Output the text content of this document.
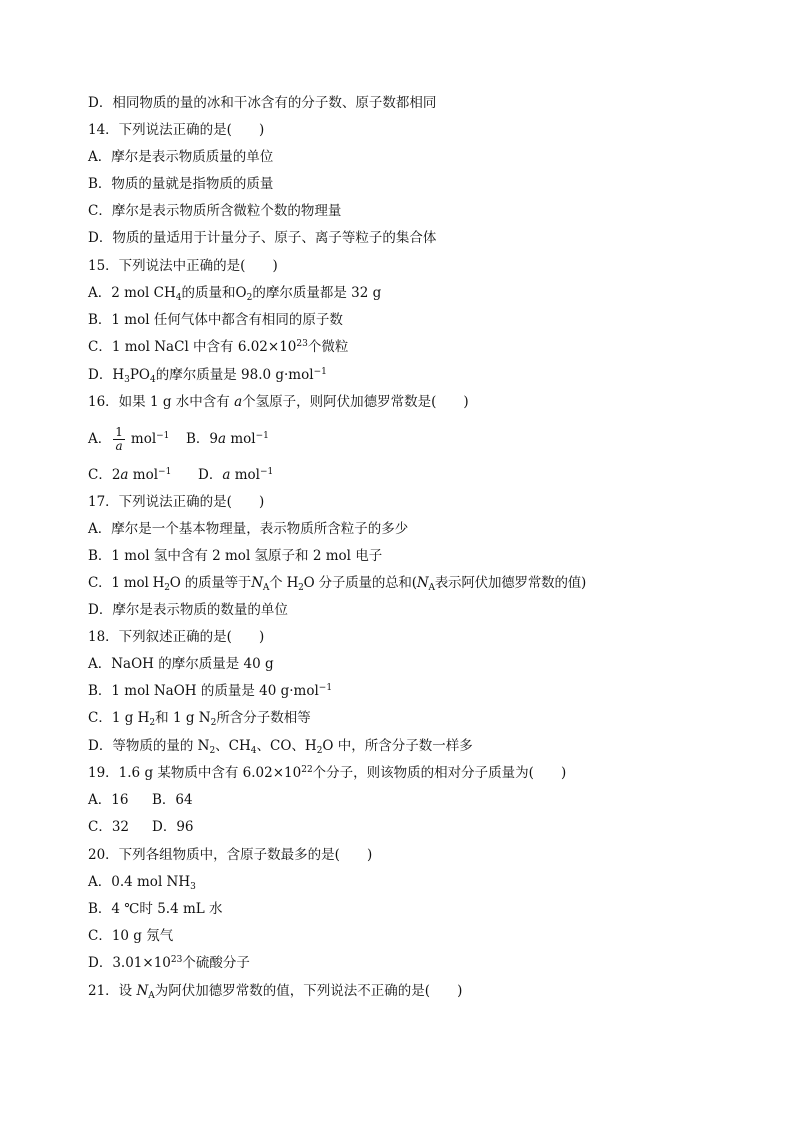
D．相同物质的量的冰和干冰含有的分子数、原子数都相同
14．下列说法正确的是(　　)
A．摩尔是表示物质质量的单位
B．物质的量就是指物质的质量
C．摩尔是表示物质所含微粒个数的物理量
D．物质的量适用于计量分子、原子、离子等粒子的集合体
15．下列说法中正确的是(　　)
A．2 mol $CH_4$的质量和$O_2$的摩尔质量都是 32 g
B．1 mol 任何气体中都含有相同的原子数
C．1 mol NaCl 中含有 $6.02\times 10^{23}$个微粒
D．$H_3PO_4$的摩尔质量是 98.0 g·mol$^{-1}$
16．如果 1 g 水中含有 a个氢原子，则阿伏加德罗常数是(　　)
A． $\frac{1}{a} mol^{-1}$ B．9a mol$^{-1}$
C．2a mol$^{-1}$ D．a mol$^{-1}$
17．下列说法正确的是(　　)
A．摩尔是一个基本物理量，表示物质所含粒子的多少
B．1 mol 氢中含有 2 mol 氢原子和 2 mol 电子
C．1 mol $H_2O$ 的质量等于$N_A$个 $H_2O$ 分子质量的总和($N_A$表示阿伏加德罗常数的值)
D．摩尔是表示物质的数量的单位
18．下列叙述正确的是(　　)
A．NaOH 的摩尔质量是 40 g
B．1 mol NaOH 的质量是 40 g·mol$^{-1}$
C．1 g $H_2$和 1 g $N_2$所含分子数相等
D．等物质的量的 $N_2$、$CH_4$、CO、$H_2O$ 中，所含分子数一样多
19．1.6 g 某物质中含有 $6.02\times 10^{22}$个分子，则该物质的相对分子质量为(　　)
A．16 B．64
C．32 D．96
20．下列各组物质中，含原子数最多的是(　　)
A．0.4 mol $NH_3$
B．4 ℃时 5.4 mL 水
C．10 g 氖气
D．$3.01\times 10^{23}$个硫酸分子
21．设 $N_A$为阿伏加德罗常数的值，下列说法不正确的是(　　)
